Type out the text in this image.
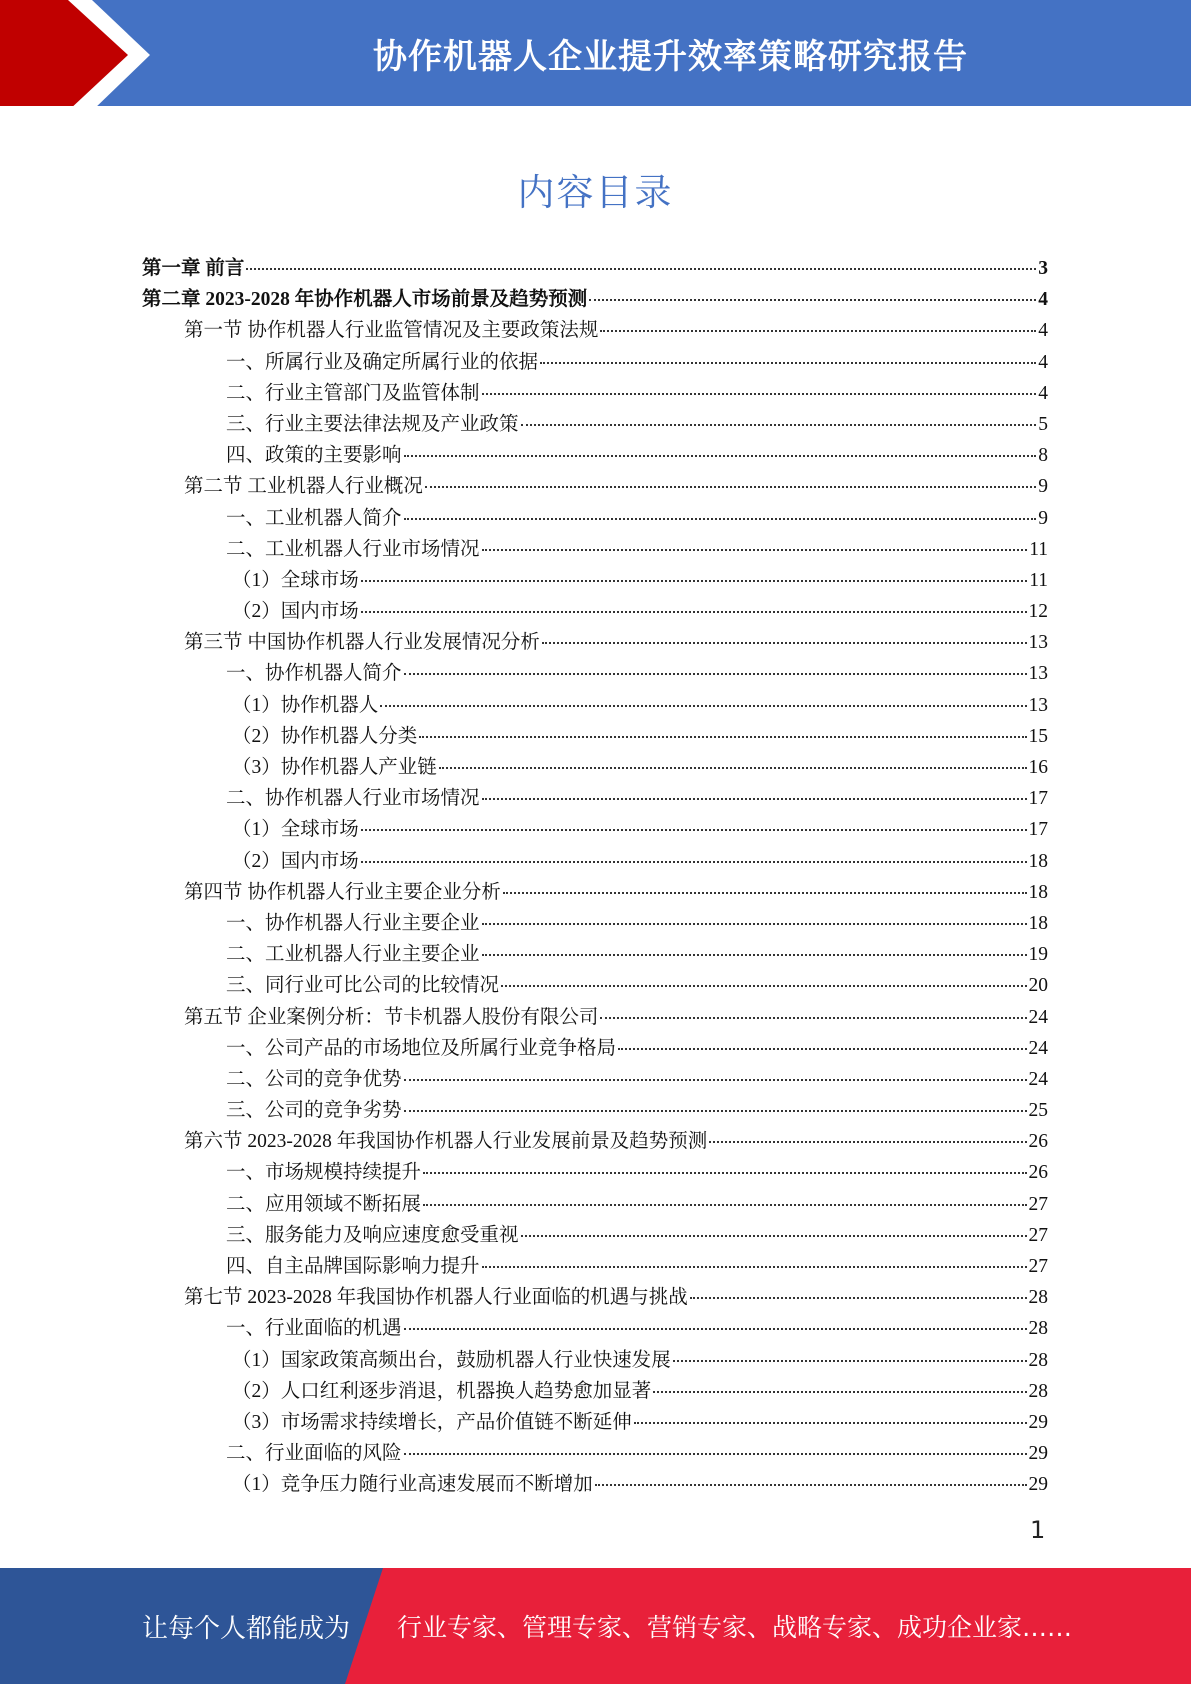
协作机器人企业提升效率策略研究报告
内容目录
第一章 前言	3
第二章 2023-2028 年协作机器人市场前景及趋势预测	4
第一节 协作机器人行业监管情况及主要政策法规	4
一、所属行业及确定所属行业的依据	4
二、行业主管部门及监管体制	4
三、行业主要法律法规及产业政策	5
四、政策的主要影响	8
第二节 工业机器人行业概况	9
一、工业机器人简介	9
二、工业机器人行业市场情况	11
（1）全球市场	11
（2）国内市场	12
第三节 中国协作机器人行业发展情况分析	13
一、协作机器人简介	13
（1）协作机器人	13
（2）协作机器人分类	15
（3）协作机器人产业链	16
二、协作机器人行业市场情况	17
（1）全球市场	17
（2）国内市场	18
第四节 协作机器人行业主要企业分析	18
一、协作机器人行业主要企业	18
二、工业机器人行业主要企业	19
三、同行业可比公司的比较情况	20
第五节 企业案例分析：节卡机器人股份有限公司	24
一、公司产品的市场地位及所属行业竞争格局	24
二、公司的竞争优势	24
三、公司的竞争劣势	25
第六节 2023-2028 年我国协作机器人行业发展前景及趋势预测	26
一、市场规模持续提升	26
二、应用领域不断拓展	27
三、服务能力及响应速度愈受重视	27
四、自主品牌国际影响力提升	27
第七节 2023-2028 年我国协作机器人行业面临的机遇与挑战	28
一、行业面临的机遇	28
（1）国家政策高频出台，鼓励机器人行业快速发展	28
（2）人口红利逐步消退，机器换人趋势愈加显著	28
（3）市场需求持续增长，产品价值链不断延伸	29
二、行业面临的风险	29
（1）竞争压力随行业高速发展而不断增加	29
1
让每个人都能成为 行业专家、管理专家、营销专家、战略专家、成功企业家……
